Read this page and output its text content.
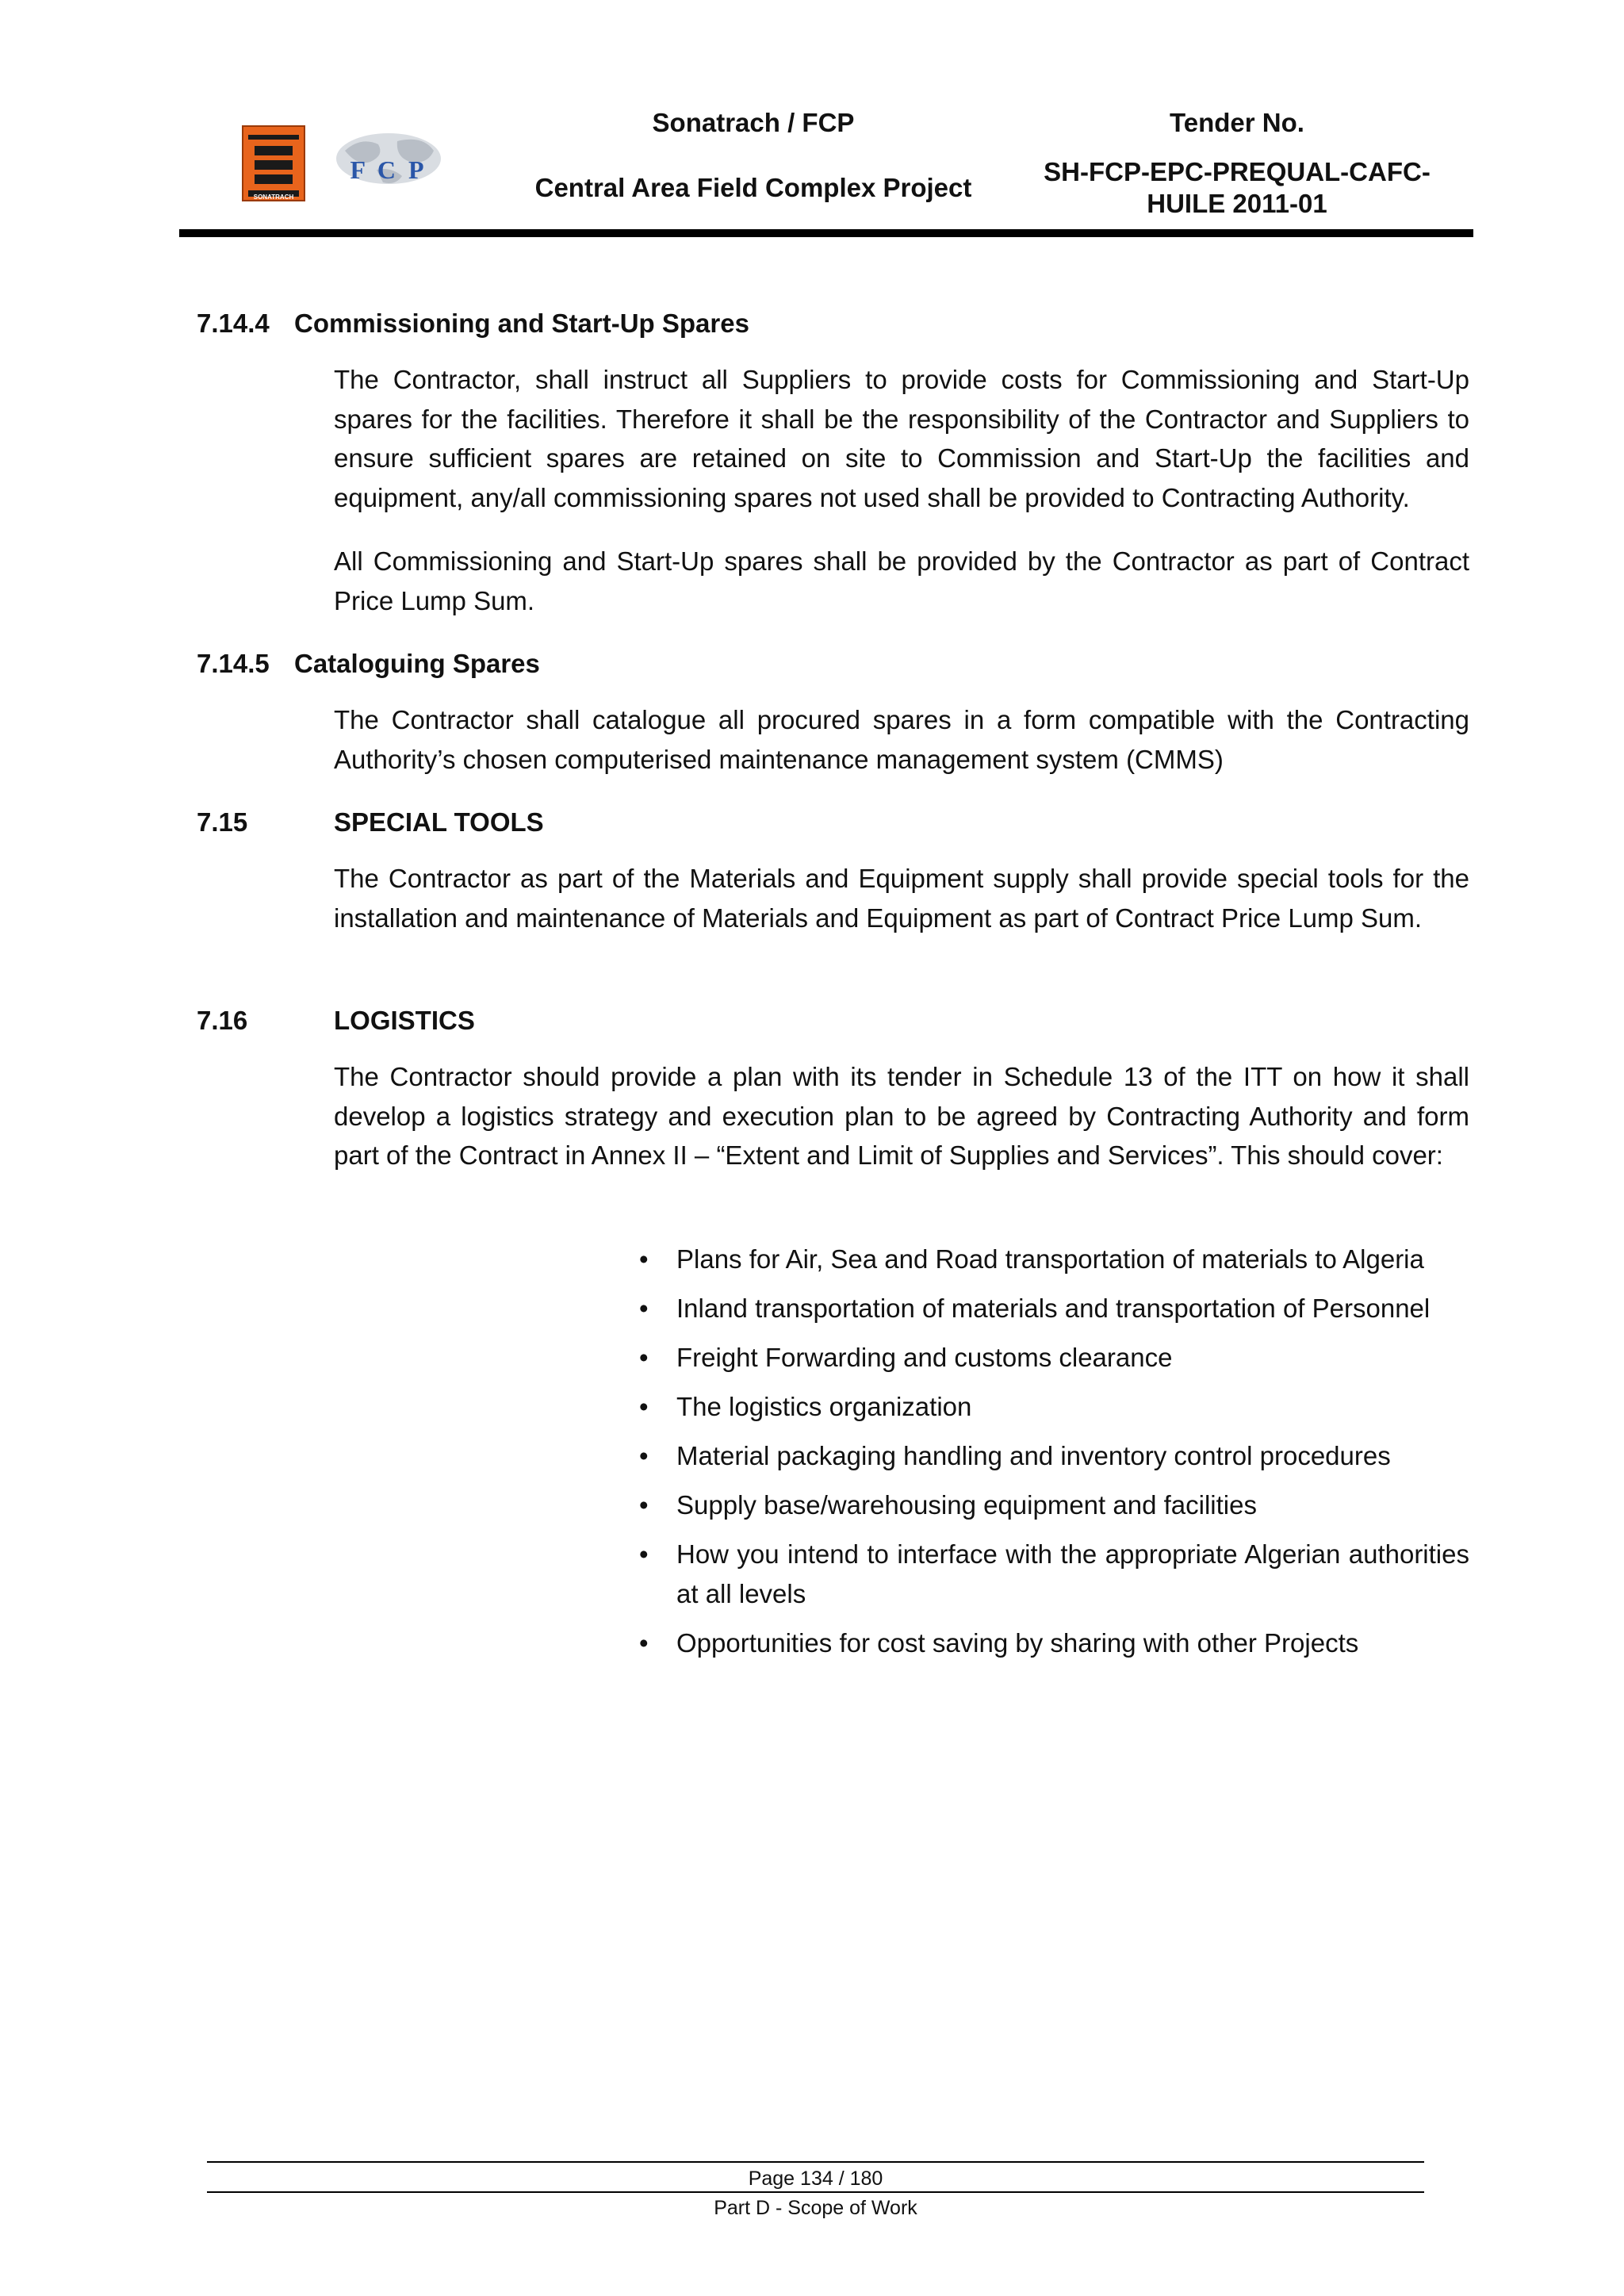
SONATRACH
F C P
Sonatrach / FCP
Central Area Field Complex Project
Tender No.
SH-FCP-EPC-PREQUAL-CAFC-
HUILE 2011-01
7.14.4 Commissioning and Start-Up Spares
The Contractor, shall instruct all Suppliers to provide costs for Commissioning and Start-Up spares for the facilities. Therefore it shall be the responsibility of the Contractor and Suppliers to ensure sufficient spares are retained on site to Commission and Start-Up the facilities and equipment, any/all commissioning spares not used shall be provided to Contracting Authority.
All Commissioning and Start-Up spares shall be provided by the Contractor as part of Contract Price Lump Sum.
7.14.5 Cataloguing Spares
The Contractor shall catalogue all procured spares in a form compatible with the Contracting Authority’s chosen computerised maintenance management system (CMMS)
7.15	SPECIAL TOOLS
The Contractor as part of the Materials and Equipment supply shall provide special tools for the installation and maintenance of Materials and Equipment as part of Contract Price Lump Sum.
7.16	LOGISTICS
The Contractor should provide a plan with its tender in Schedule 13 of the ITT on how it shall develop a logistics strategy and execution plan to be agreed by Contracting Authority and form part of the Contract in Annex II – “Extent and Limit of Supplies and Services”. This should cover:
• Plans for Air, Sea and Road transportation of materials to Algeria
• Inland transportation of materials and transportation of Personnel
• Freight Forwarding and customs clearance
• The logistics organization
• Material packaging handling and inventory control procedures
• Supply base/warehousing equipment and facilities
• How you intend to interface with the appropriate Algerian authorities at all levels
• Opportunities for cost saving by sharing with other Projects
Page 134 / 180
Part D - Scope of Work
